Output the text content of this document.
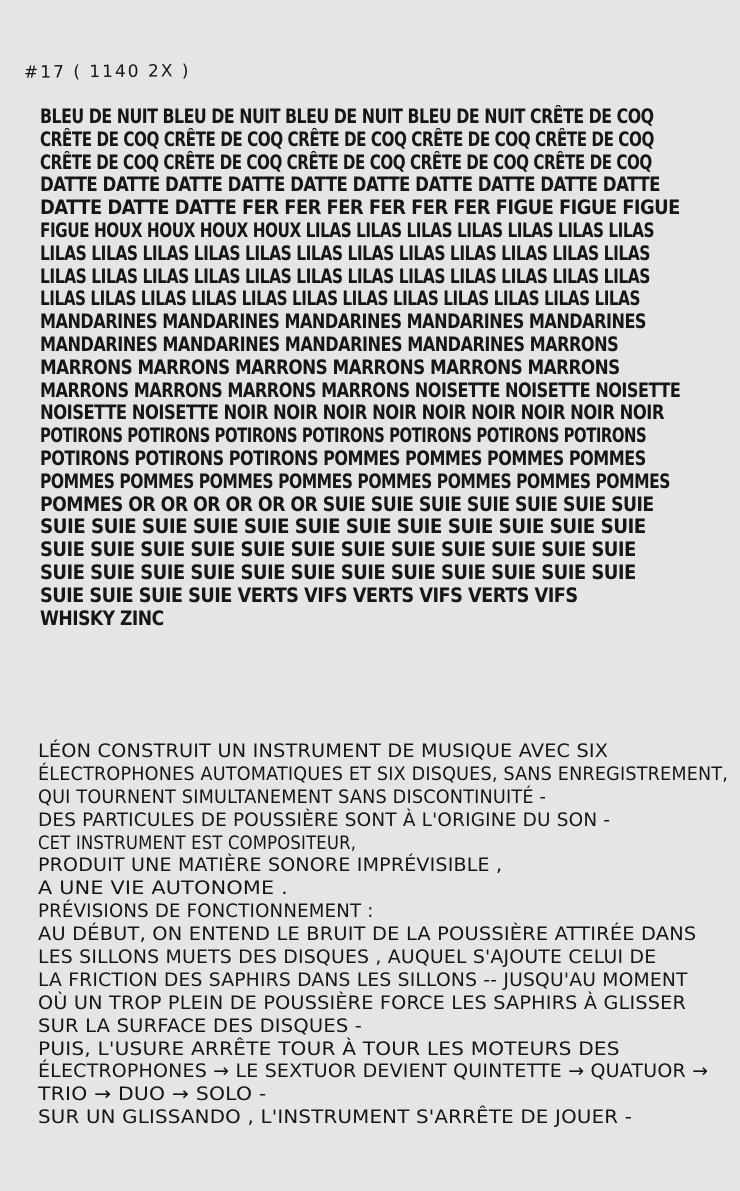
#17 ( 1140 2X )
BLEU DE NUIT BLEU DE NUIT BLEU DE NUIT BLEU DE NUIT CRÊTE DE COQ
CRÊTE DE COQ CRÊTE DE COQ CRÊTE DE COQ CRÊTE DE COQ CRÊTE DE COQ
CRÊTE DE COQ CRÊTE DE COQ CRÊTE DE COQ CRÊTE DE COQ CRÊTE DE COQ
DATTE DATTE DATTE DATTE DATTE DATTE DATTE DATTE DATTE DATTE
DATTE DATTE DATTE FER FER FER FER FER FER FIGUE FIGUE FIGUE
FIGUE HOUX HOUX HOUX HOUX LILAS LILAS LILAS LILAS LILAS LILAS LILAS
LILAS LILAS LILAS LILAS LILAS LILAS LILAS LILAS LILAS LILAS LILAS LILAS
LILAS LILAS LILAS LILAS LILAS LILAS LILAS LILAS LILAS LILAS LILAS LILAS
LILAS LILAS LILAS LILAS LILAS LILAS LILAS LILAS LILAS LILAS LILAS LILAS
MANDARINES MANDARINES MANDARINES MANDARINES MANDARINES
MANDARINES MANDARINES MANDARINES MANDARINES MARRONS
MARRONS MARRONS MARRONS MARRONS MARRONS MARRONS
MARRONS MARRONS MARRONS MARRONS NOISETTE NOISETTE NOISETTE
NOISETTE NOISETTE NOIR NOIR NOIR NOIR NOIR NOIR NOIR NOIR NOIR
POTIRONS POTIRONS POTIRONS POTIRONS POTIRONS POTIRONS POTIRONS
POTIRONS POTIRONS POTIRONS POMMES POMMES POMMES POMMES
POMMES POMMES POMMES POMMES POMMES POMMES POMMES POMMES
POMMES OR OR OR OR OR OR SUIE SUIE SUIE SUIE SUIE SUIE SUIE
SUIE SUIE SUIE SUIE SUIE SUIE SUIE SUIE SUIE SUIE SUIE SUIE
SUIE SUIE SUIE SUIE SUIE SUIE SUIE SUIE SUIE SUIE SUIE SUIE
SUIE SUIE SUIE SUIE SUIE SUIE SUIE SUIE SUIE SUIE SUIE SUIE
SUIE SUIE SUIE SUIE VERTS VIFS VERTS VIFS VERTS VIFS
WHISKY ZINC
LÉON CONSTRUIT UN INSTRUMENT DE MUSIQUE AVEC SIX
ÉLECTROPHONES AUTOMATIQUES ET SIX DISQUES, SANS ENREGISTREMENT,
QUI TOURNENT SIMULTANEMENT SANS DISCONTINUITÉ -
DES PARTICULES DE POUSSIÈRE SONT À L'ORIGINE DU SON -
CET INSTRUMENT EST COMPOSITEUR,
PRODUIT UNE MATIÈRE SONORE IMPRÉVISIBLE ,
A UNE VIE AUTONOME .
PRÉVISIONS DE FONCTIONNEMENT :
AU DÉBUT, ON ENTEND LE BRUIT DE LA POUSSIÈRE ATTIRÉE DANS
LES SILLONS MUETS DES DISQUES , AUQUEL S'AJOUTE CELUI DE
LA FRICTION DES SAPHIRS DANS LES SILLONS -- JUSQU'AU MOMENT
OÙ UN TROP PLEIN DE POUSSIÈRE FORCE LES SAPHIRS À GLISSER
SUR LA SURFACE DES DISQUES -
PUIS, L'USURE ARRÊTE TOUR À TOUR LES MOTEURS DES
ÉLECTROPHONES → LE SEXTUOR DEVIENT QUINTETTE → QUATUOR →
TRIO → DUO → SOLO -
SUR UN GLISSANDO , L'INSTRUMENT S'ARRÊTE DE JOUER -
